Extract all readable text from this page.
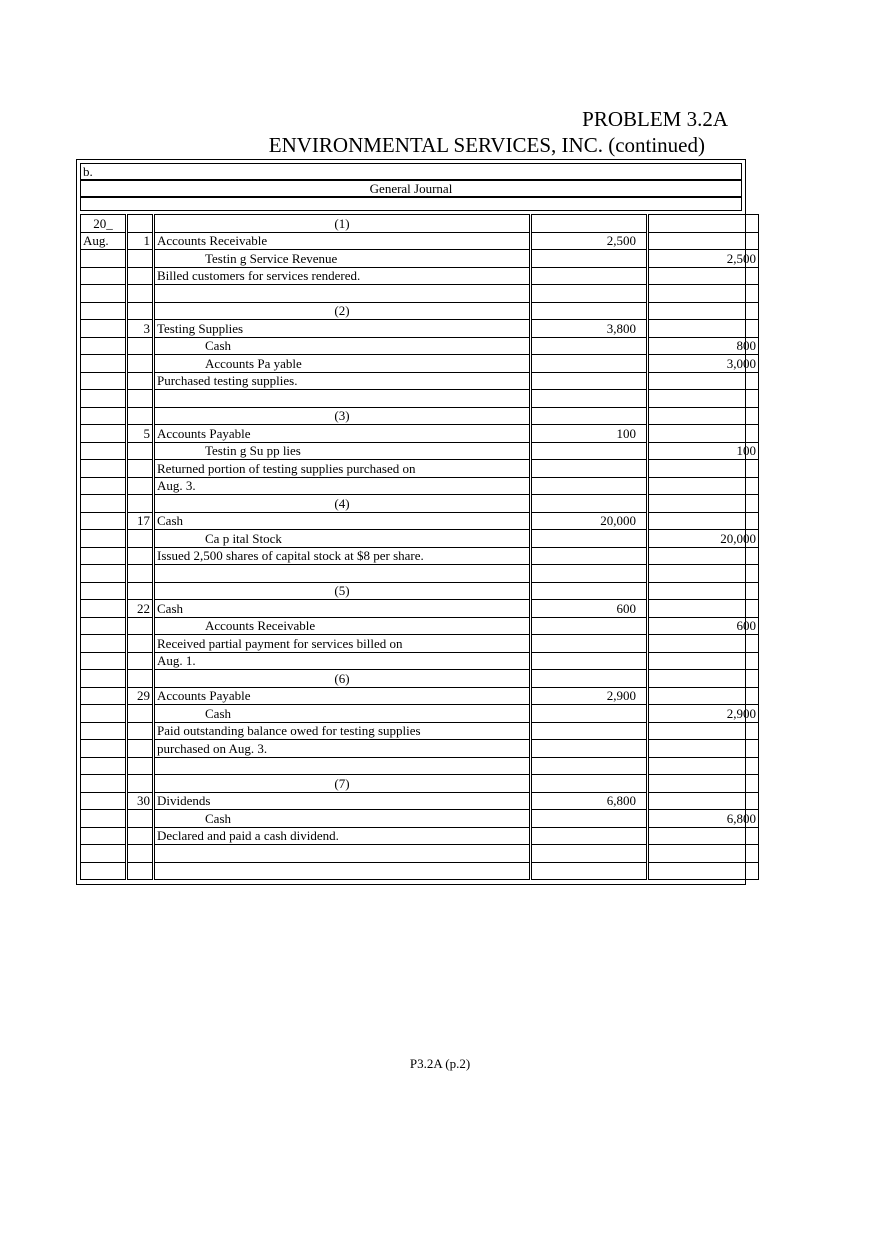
PROBLEM 3.2A
ENVIRONMENTAL SERVICES, INC. (continued)
b.
General Journal
20_		(1)		
Aug.	1	Accounts Receivable	2,500	
		Testin g Service Revenue		2,500
		Billed customers for services rendered.		

		(2)		
	3	Testing Supplies	3,800	
		Cash		800
		Accounts Pa yable		3,000
		Purchased testing supplies.		

		(3)		
	5	Accounts Payable	100	
		Testin g Su pp lies		100
		Returned portion of testing supplies purchased on		
		Aug. 3.		
		(4)		
	17	Cash	20,000	
		Ca p ital Stock		20,000
		Issued 2,500 shares of capital stock at $8 per share.		

		(5)		
	22	Cash	600	
		Accounts Receivable		600
		Received partial payment for services billed on		
		Aug. 1.		
		(6)		
	29	Accounts Payable	2,900	
		Cash		2,900
		Paid outstanding balance owed for testing supplies		
		purchased on Aug. 3.		

		(7)		
	30	Dividends	6,800	
		Cash		6,800
		Declared and paid a cash dividend.		

P3.2A (p.2)
